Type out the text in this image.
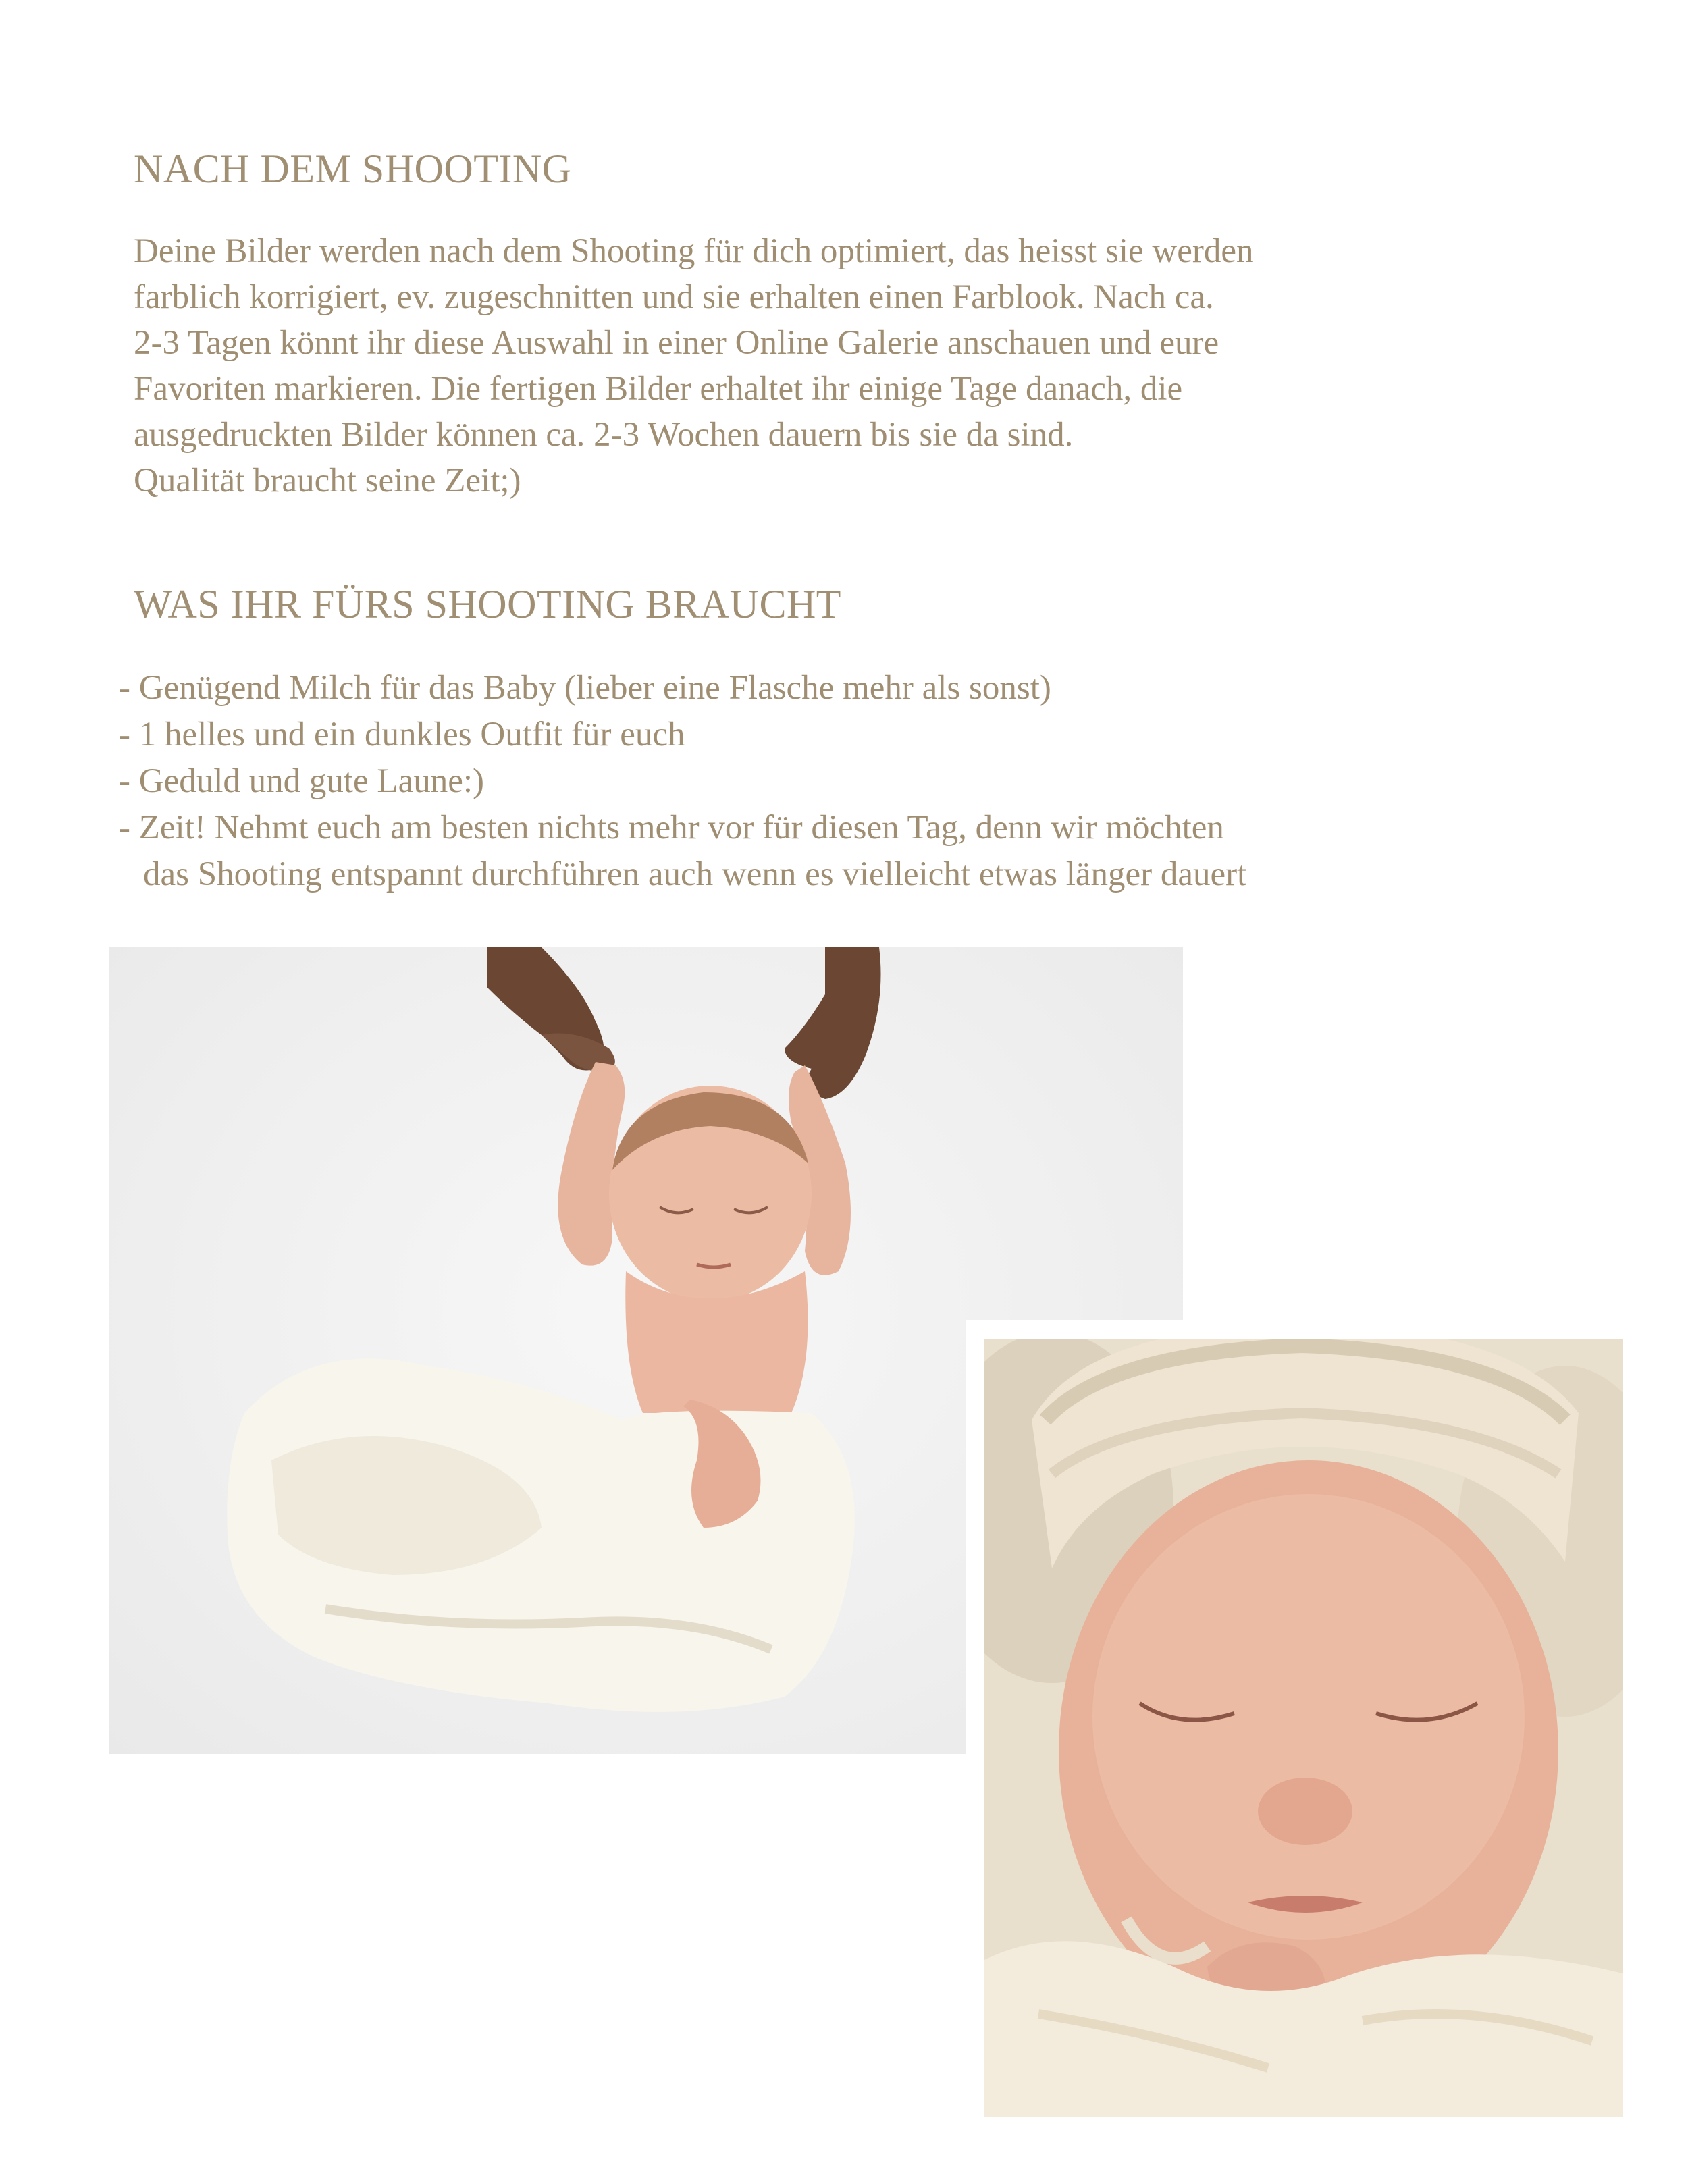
NACH DEM SHOOTING

Deine Bilder werden nach dem Shooting für dich optimiert, das heisst sie werden
farblich korrigiert, ev. zugeschnitten und sie erhalten einen Farblook. Nach ca.
2-3 Tagen könnt ihr diese Auswahl in einer Online Galerie anschauen und eure
Favoriten markieren. Die fertigen Bilder erhaltet ihr einige Tage danach, die
ausgedruckten Bilder können ca. 2-3 Wochen dauern bis sie da sind.
Qualität braucht seine Zeit;)

WAS IHR FÜRS SHOOTING BRAUCHT
- Genügend Milch für das Baby (lieber eine Flasche mehr als sonst)
- 1 helles und ein dunkles Outfit für euch
- Geduld und gute Laune:)
- Zeit! Nehmt euch am besten nichts mehr vor für diesen Tag, denn wir möchten
das Shooting entspannt durchführen auch wenn es vielleicht etwas länger dauert
